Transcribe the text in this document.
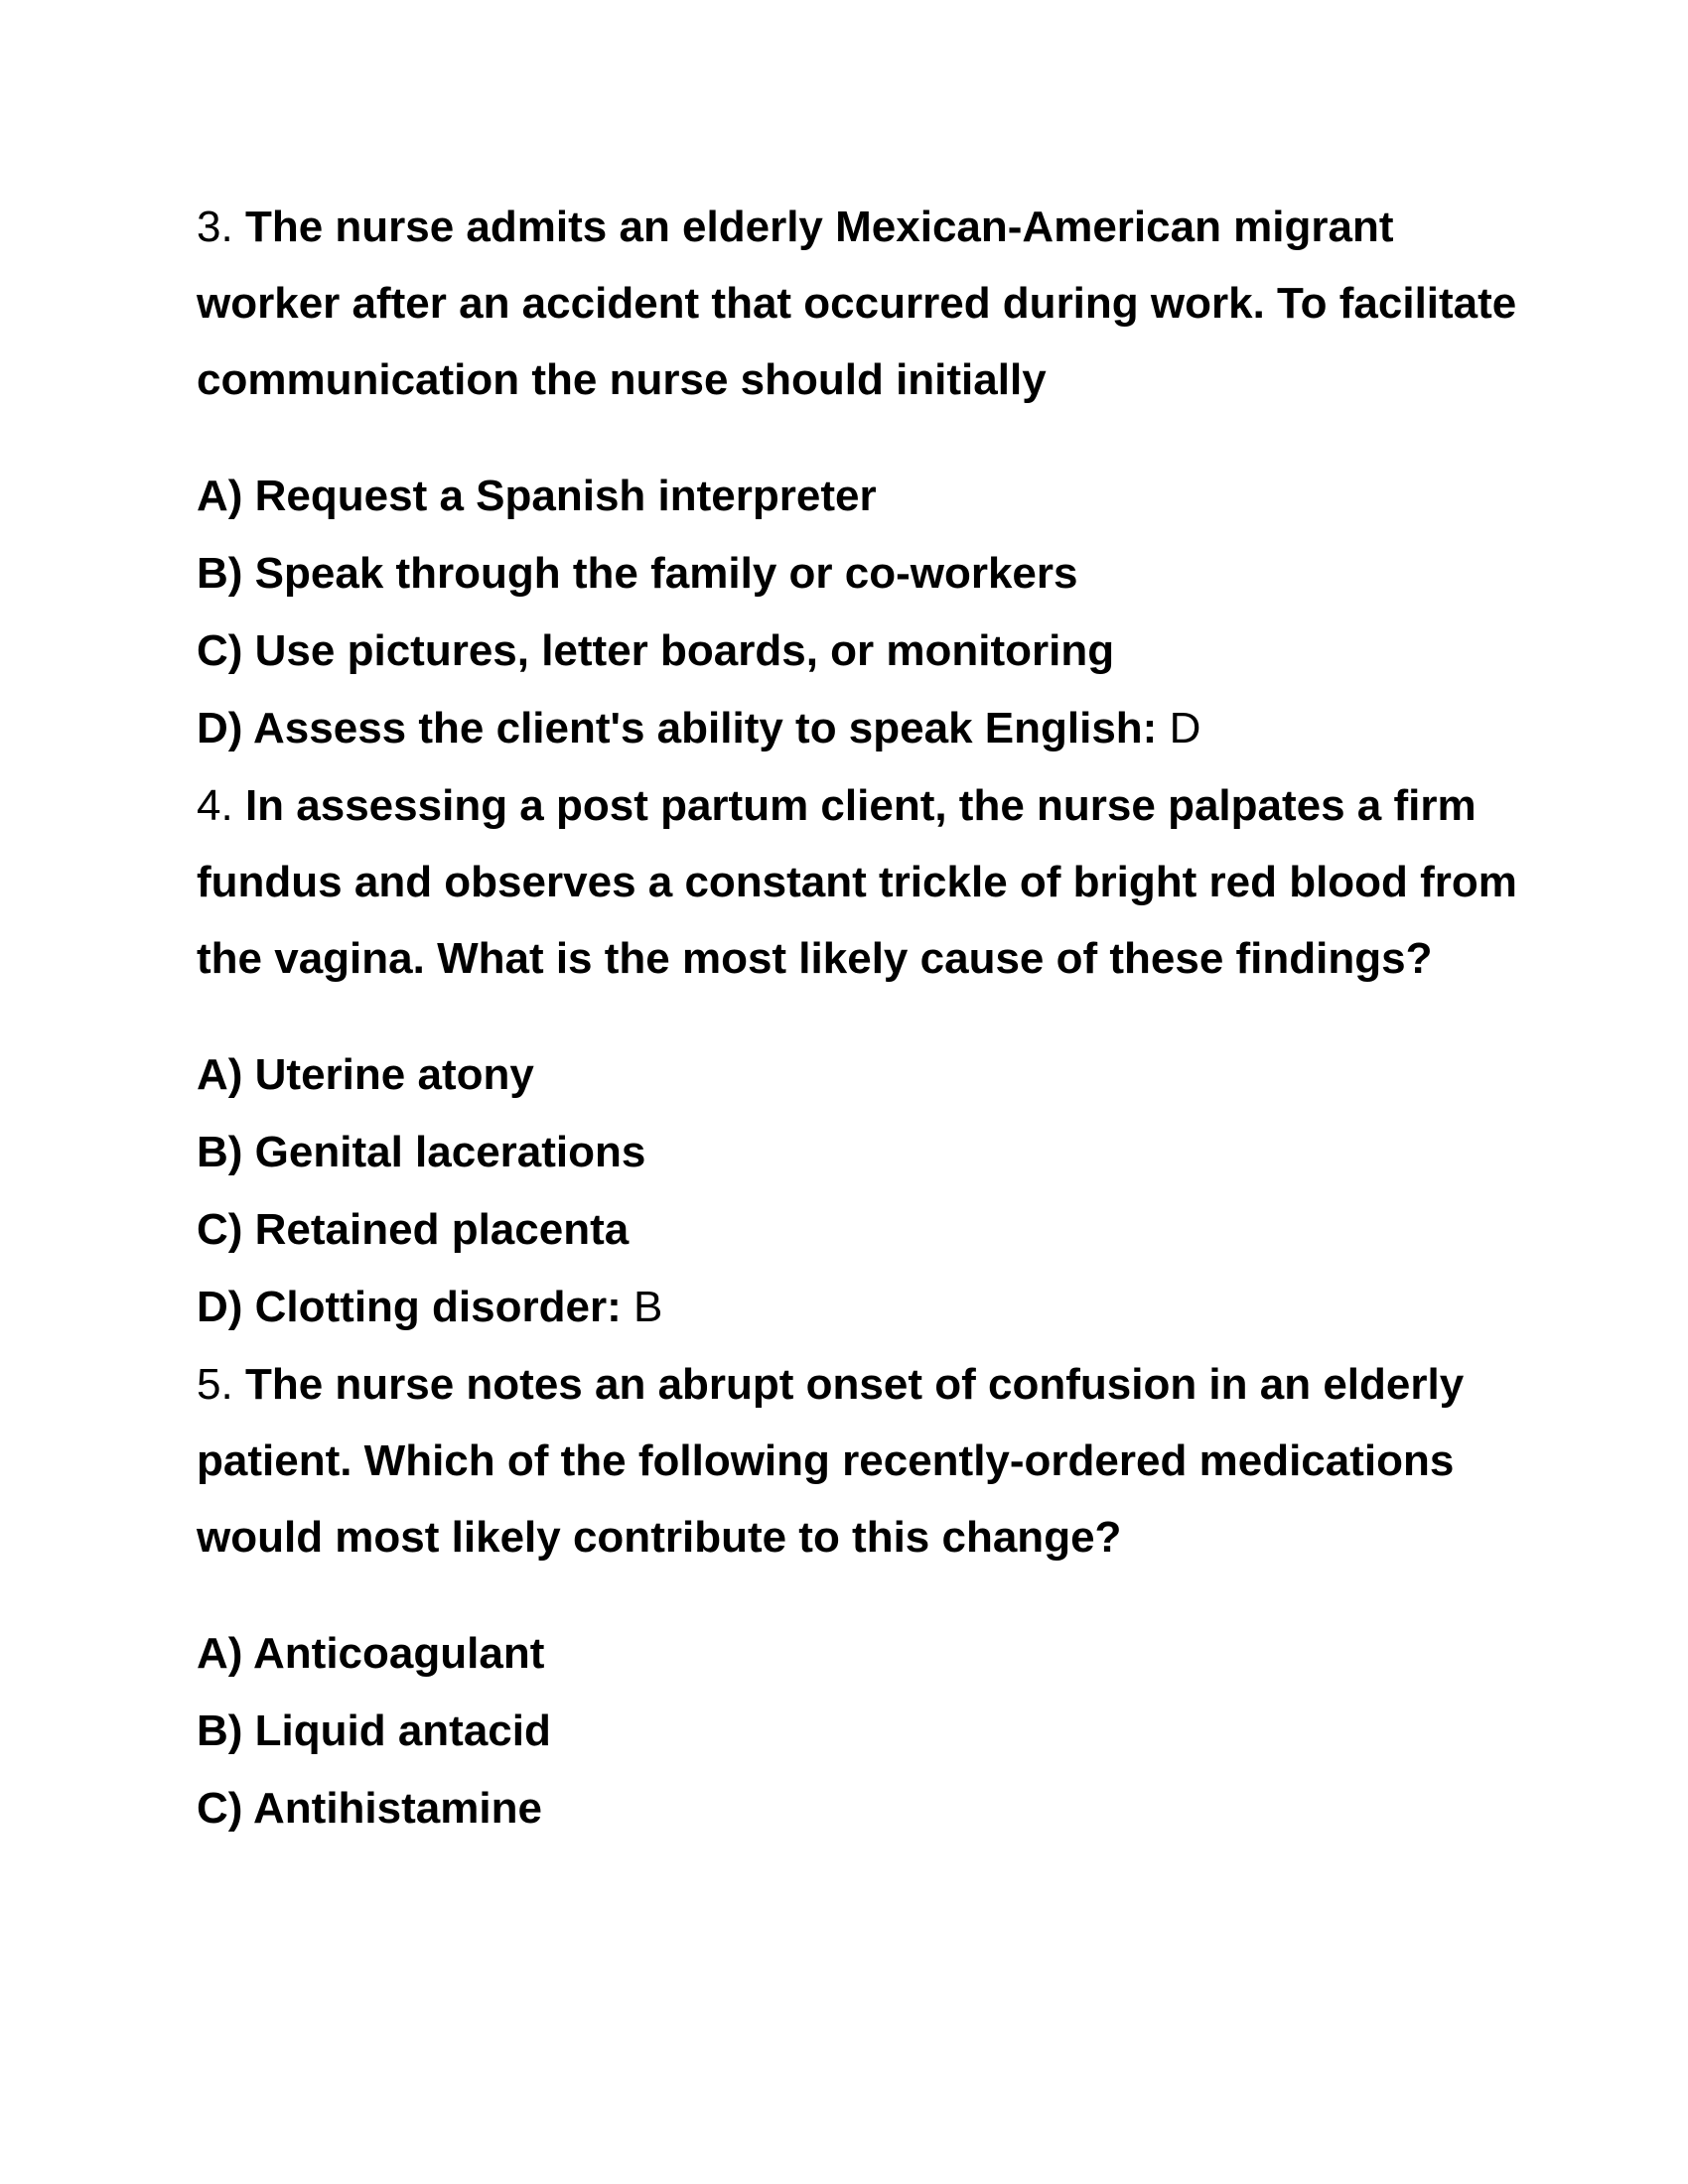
3. The nurse admits an elderly Mexican-American migrant worker after an accident that occurred during work. To facilitate communication the nurse should initially

A) Request a Spanish interpreter

B) Speak through the family or co-workers

C) Use pictures, letter boards, or monitoring

D) Assess the client's ability to speak English: D

4. In assessing a post partum client, the nurse palpates a firm fundus and observes a constant trickle of bright red blood from the vagina. What is the most likely cause of these findings?

A) Uterine atony

B) Genital lacerations

C) Retained placenta

D) Clotting disorder: B

5. The nurse notes an abrupt onset of confusion in an elderly patient. Which of the following recently-ordered medications would most likely contribute to this change?

A) Anticoagulant

B) Liquid antacid

C) Antihistamine
